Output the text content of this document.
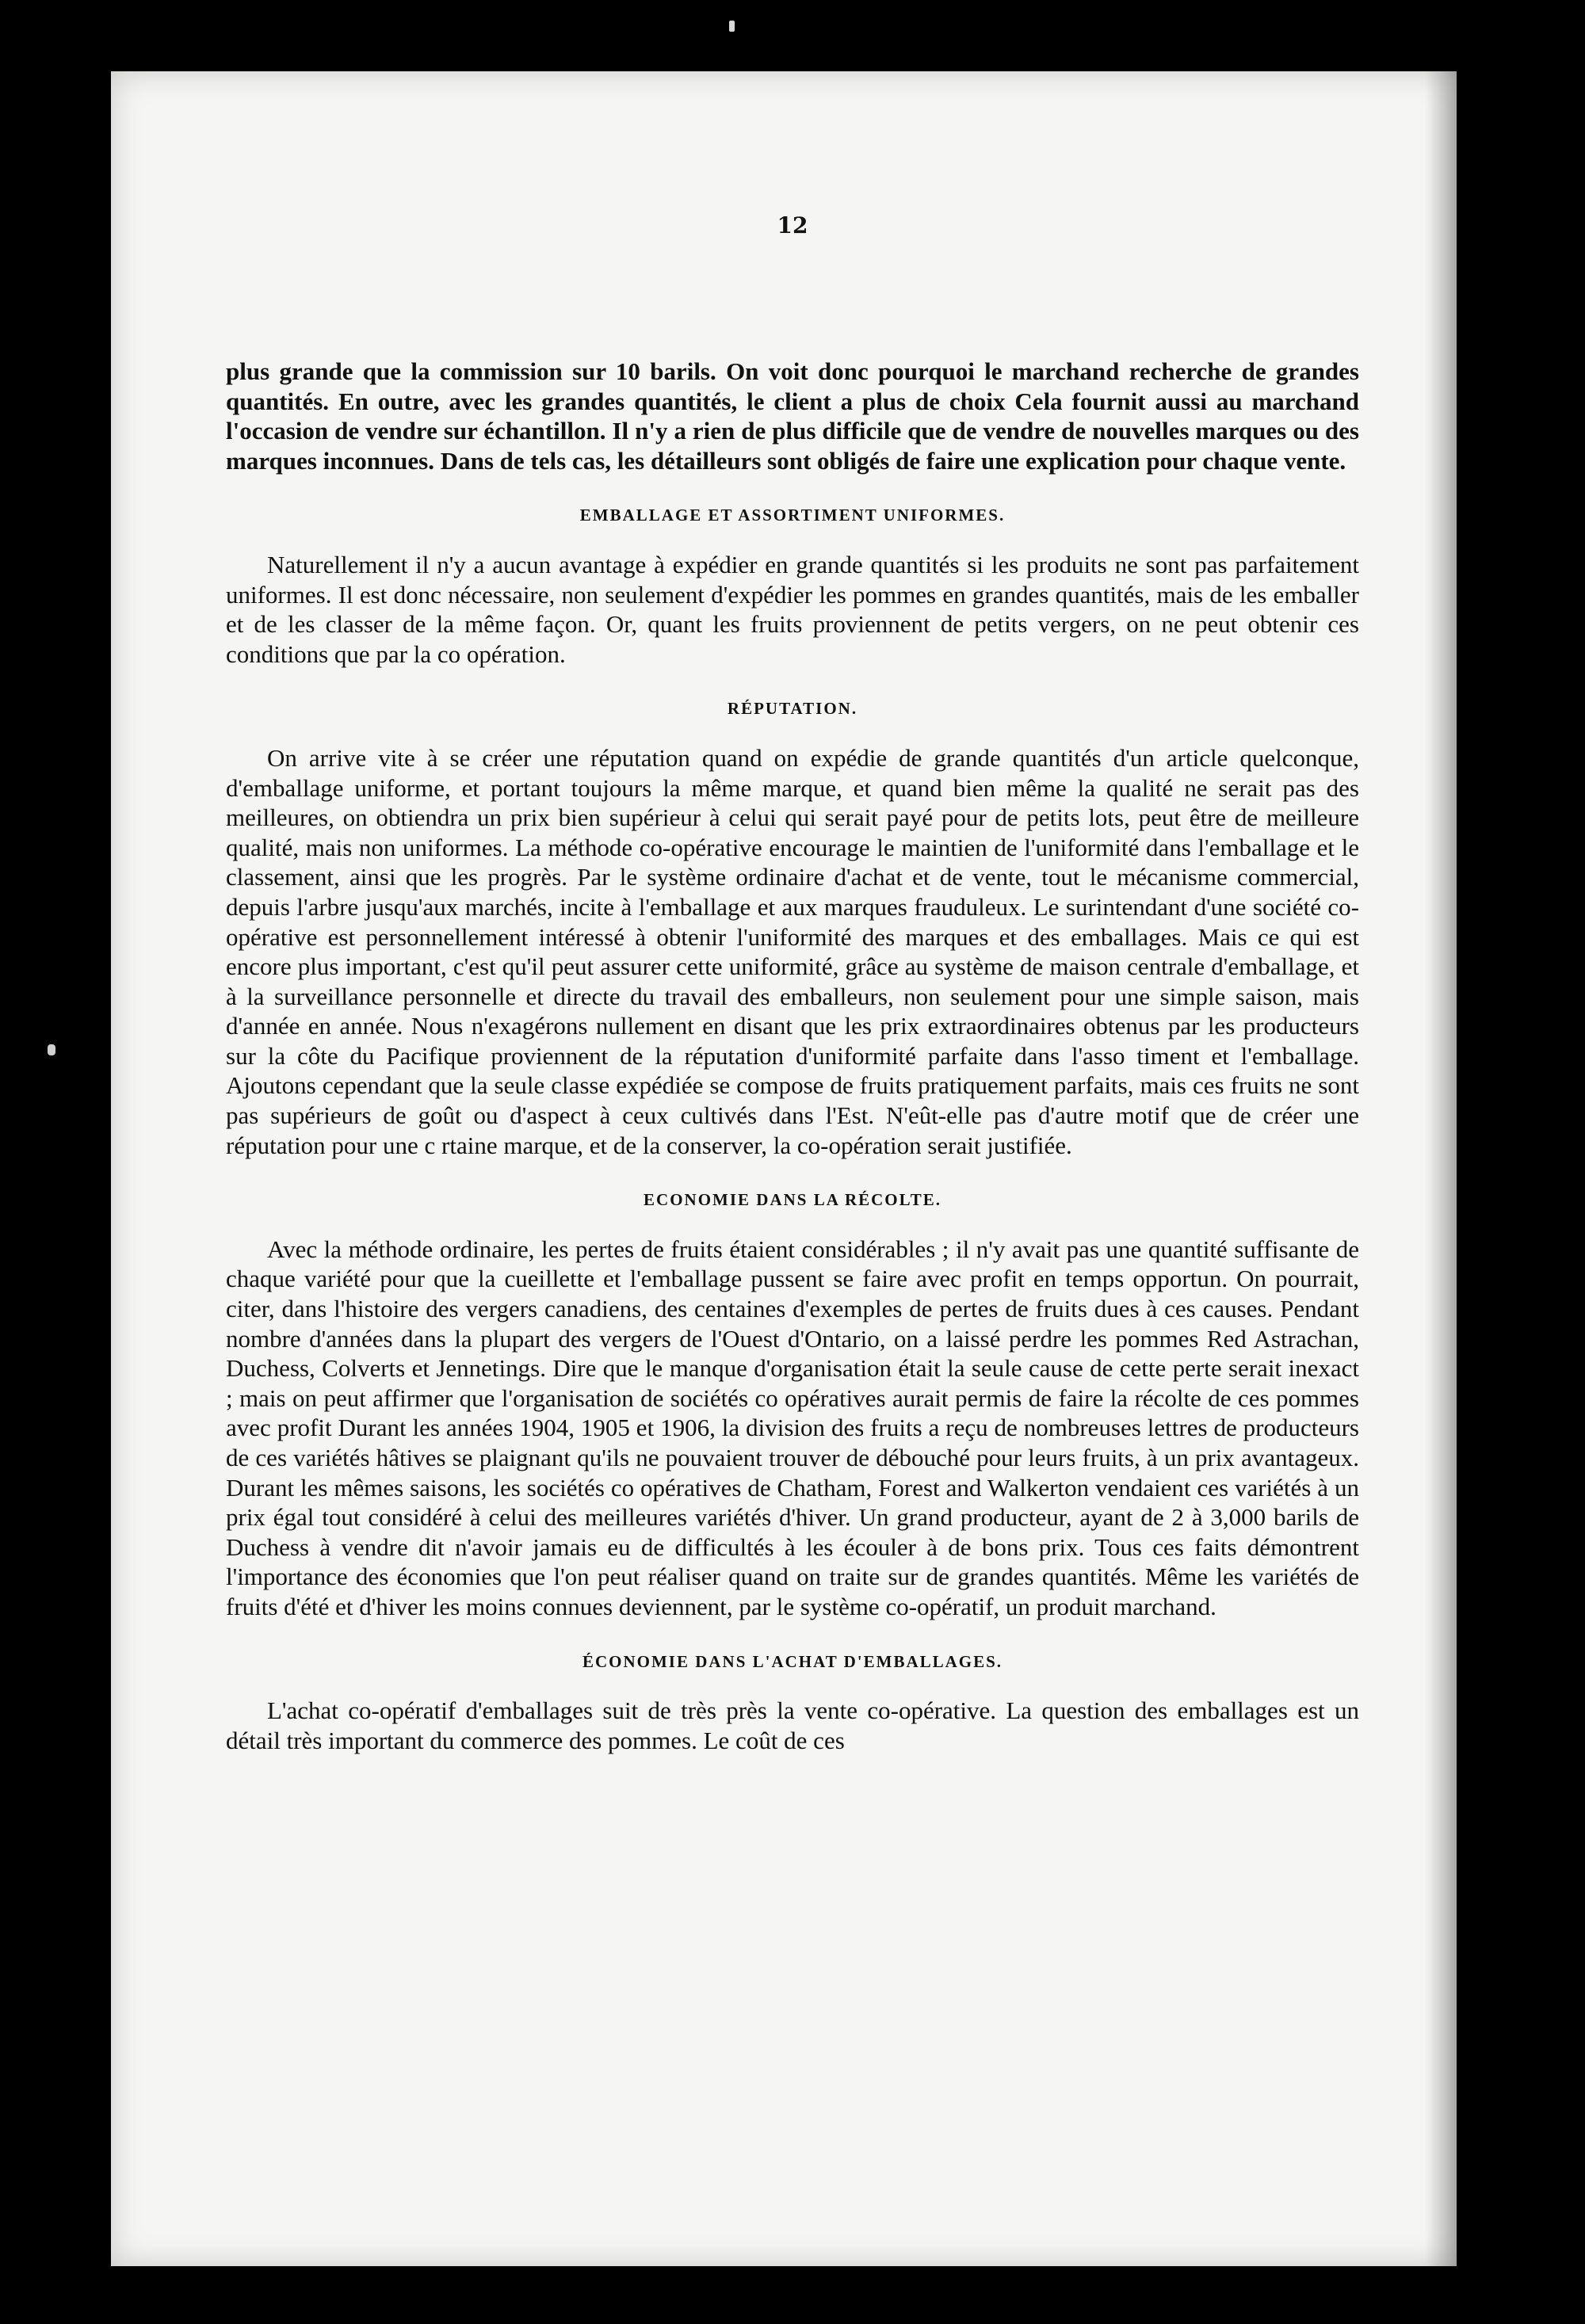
12

plus grande que la commission sur 10 barils. On voit donc pourquoi le marchand recherche de grandes quantités. En outre, avec les grandes quantités, le client a plus de choix Cela fournit aussi au marchand l'occasion de vendre sur échantillon. Il n'y a rien de plus difficile que de vendre de nouvelles marques ou des marques inconnues. Dans de tels cas, les détailleurs sont obligés de faire une explication pour chaque vente.

EMBALLAGE ET ASSORTIMENT UNIFORMES.

Naturellement il n'y a aucun avantage à expédier en grande quantités si les produits ne sont pas parfaitement uniformes. Il est donc nécessaire, non seulement d'expédier les pommes en grandes quantités, mais de les emballer et de les classer de la même façon. Or, quant les fruits proviennent de petits vergers, on ne peut obtenir ces conditions que par la co opération.

RÉPUTATION.

On arrive vite à se créer une réputation quand on expédie de grande quantités d'un article quelconque, d'emballage uniforme, et portant toujours la même marque, et quand bien même la qualité ne serait pas des meilleures, on obtiendra un prix bien supérieur à celui qui serait payé pour de petits lots, peut être de meilleure qualité, mais non uniformes. La méthode co-opérative encourage le maintien de l'uniformité dans l'emballage et le classement, ainsi que les progrès. Par le système ordinaire d'achat et de vente, tout le mécanisme commercial, depuis l'arbre jusqu'aux marchés, incite à l'emballage et aux marques frauduleux. Le surintendant d'une société co-opérative est personnellement intéressé à obtenir l'uniformité des marques et des emballages. Mais ce qui est encore plus important, c'est qu'il peut assurer cette uniformité, grâce au système de maison centrale d'emballage, et à la surveillance personnelle et directe du travail des emballeurs, non seulement pour une simple saison, mais d'année en année. Nous n'exagérons nullement en disant que les prix extraordinaires obtenus par les producteurs sur la côte du Pacifique proviennent de la réputation d'uniformité parfaite dans l'asso timent et l'emballage. Ajoutons cependant que la seule classe expédiée se compose de fruits pratiquement parfaits, mais ces fruits ne sont pas supérieurs de goût ou d'aspect à ceux cultivés dans l'Est. N'eût-elle pas d'autre motif que de créer une réputation pour une c rtaine marque, et de la conserver, la co-opération serait justifiée.

ECONOMIE DANS LA RÉCOLTE.

Avec la méthode ordinaire, les pertes de fruits étaient considérables ; il n'y avait pas une quantité suffisante de chaque variété pour que la cueillette et l'emballage pussent se faire avec profit en temps opportun. On pourrait, citer, dans l'histoire des vergers canadiens, des centaines d'exemples de pertes de fruits dues à ces causes. Pendant nombre d'années dans la plupart des vergers de l'Ouest d'Ontario, on a laissé perdre les pommes Red Astrachan, Duchess, Colverts et Jennetings. Dire que le manque d'organisation était la seule cause de cette perte serait inexact ; mais on peut affirmer que l'organisation de sociétés co opératives aurait permis de faire la récolte de ces pommes avec profit Durant les années 1904, 1905 et 1906, la division des fruits a reçu de nombreuses lettres de producteurs de ces variétés hâtives se plaignant qu'ils ne pouvaient trouver de débouché pour leurs fruits, à un prix avantageux. Durant les mêmes saisons, les sociétés co opératives de Chatham, Forest and Walkerton vendaient ces variétés à un prix égal tout considéré à celui des meilleures variétés d'hiver. Un grand producteur, ayant de 2 à 3,000 barils de Duchess à vendre dit n'avoir jamais eu de difficultés à les écouler à de bons prix. Tous ces faits démontrent l'importance des économies que l'on peut réaliser quand on traite sur de grandes quantités. Même les variétés de fruits d'été et d'hiver les moins connues deviennent, par le système co-opératif, un produit marchand.

ÉCONOMIE DANS L'ACHAT D'EMBALLAGES.

L'achat co-opératif d'emballages suit de très près la vente co-opérative. La question des emballages est un détail très important du commerce des pommes. Le coût de ces
